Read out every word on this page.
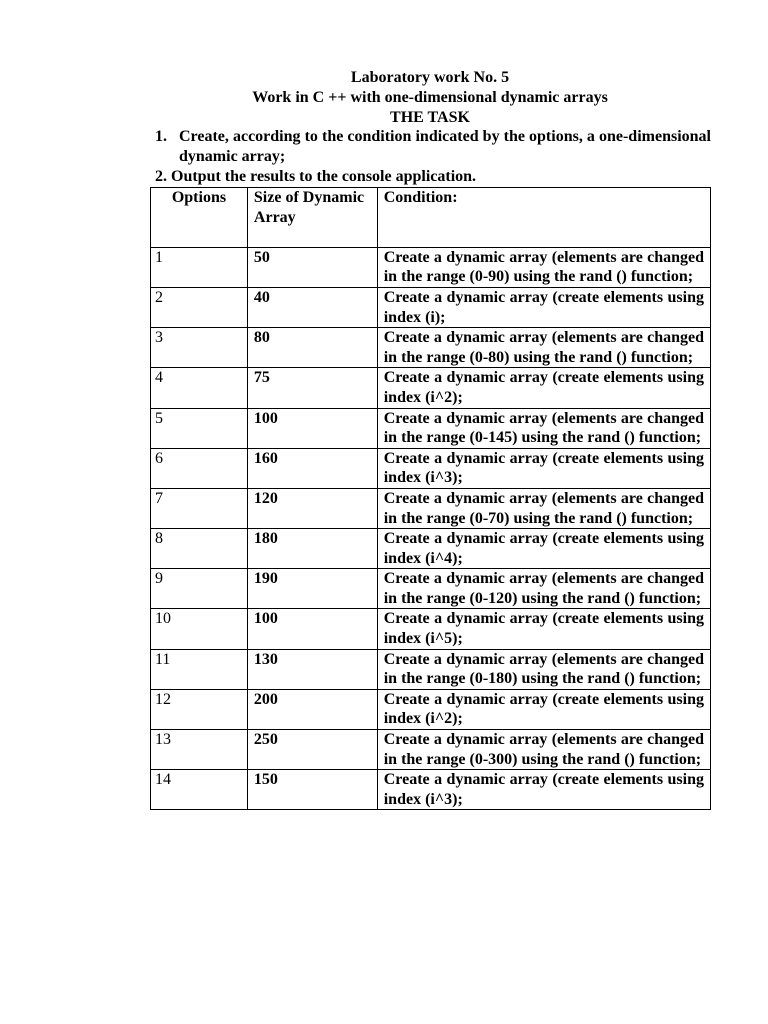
Laboratory work No. 5
Work in C ++ with one-dimensional dynamic arrays
THE TASK
1. Create, according to the condition indicated by the options, a one-dimensional dynamic array;
2. Output the results to the console application.
Options	Size of Dynamic Array	Condition:
1	50	Create a dynamic array (elements are changed in the range (0-90) using the rand () function;
2	40	Create a dynamic array (create elements using index (i);
3	80	Create a dynamic array (elements are changed in the range (0-80) using the rand () function;
4	75	Create a dynamic array (create elements using index (i^2);
5	100	Create a dynamic array (elements are changed in the range (0-145) using the rand () function;
6	160	Create a dynamic array (create elements using index (i^3);
7	120	Create a dynamic array (elements are changed in the range (0-70) using the rand () function;
8	180	Create a dynamic array (create elements using index (i^4);
9	190	Create a dynamic array (elements are changed in the range (0-120) using the rand () function;
10	100	Create a dynamic array (create elements using index (i^5);
11	130	Create a dynamic array (elements are changed in the range (0-180) using the rand () function;
12	200	Create a dynamic array (create elements using index (i^2);
13	250	Create a dynamic array (elements are changed in the range (0-300) using the rand () function;
14	150	Create a dynamic array (create elements using index (i^3);
